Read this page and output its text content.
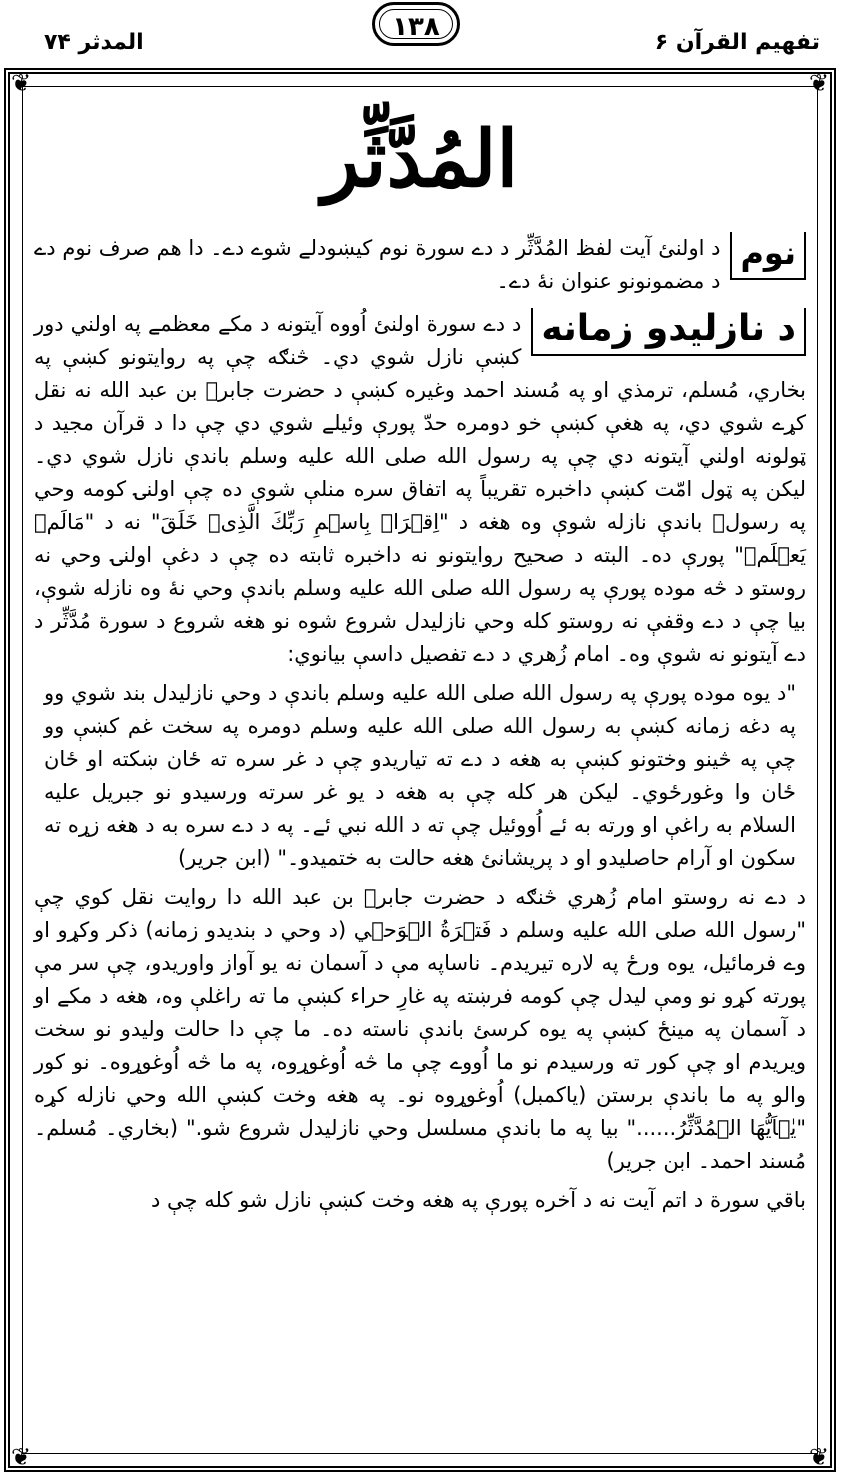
تفهيم القرآن ۶
۱۳۸
المدثر ۷۴
❦	❦
❦	❦
المُدَّثِّر
نوم

د اولنئ آيت لفظ المُدَّثِّر د دے سورة نوم کيښودلے شوے دے۔ دا هم صرف نوم دے د مضمونونو عنوان نۀ دے۔

د نازليدو زمانه

د دے سورة اولنئ اُووه آيتونه د مکے معظمے په اولني دور کښې نازل شوي دي۔ څنګه چې په روايتونو کښې په بخاري، مُسلم، ترمذي او په مُسند احمد وغيره کښې د حضرت جابرؓ بن عبد الله نه نقل کړے شوي دي، په هغې کښې خو دومره حدّ پورې وئيلے شوي دي چې دا د قرآن مجيد د ټولونه اولني آيتونه دي چې په رسول الله صلی الله عليه وسلم باندې نازل شوي دي۔ ليکن په ټول امّت کښې داخبره تقريباً په اتفاق سره منلې شوې ده چې اولنۍ کومه وحي په رسولؐ باندې نازله شوې وه هغه د "اِقۡرَاۡ بِاسۡمِ رَبِّكَ الَّذِىۡ خَلَقَ" نه د "مَالَمۡ يَعۡلَمۡ" پورې ده۔ البته د صحيح روايتونو نه داخبره ثابته ده چې د دغې اولنۍ وحي نه روستو د څه موده پورې په رسول الله صلی الله عليه وسلم باندې وحي نۀ وه نازله شوې، بيا چې د دے وقفې نه روستو کله وحي نازليدل شروع شوه نو هغه شروع د سورة مُدَّثِّر د دے آيتونو نه شوې وه۔ امام زُهري د دے تفصيل داسې بيانوي:

"د يوه موده پورې په رسول الله صلی الله عليه وسلم باندې د وحي نازليدل بند شوي وو په دغه زمانه کښې به رسول الله صلی الله عليه وسلم دومره په سخت غم کښې وو چې په څينو وختونو کښې به هغه د دے ته تياريدو چې د غر سره ته ځان ښکته او ځان ځان وا وغورځوي۔ ليکن هر کله چې به هغه د يو غر سرته ورسيدو نو جبريل عليه السلام به راغې او ورته به ئے اُووئيل چې ته د الله نبي ئے۔ په د دے سره به د هغه زړه ته سکون او آرام حاصليدو او د پريشانئ هغه حالت به ختميدو۔" (ابن جرير)

د دے نه روستو امام زُهري څنګه د حضرت جابرؓ بن عبد الله دا روايت نقل کوي چې "رسول الله صلی الله عليه وسلم د فَتۡرَةُ الۡوَحۡي (د وحي د بنديدو زمانه) ذکر وکړو او وے فرمائيل، يوه ورځ په لاره تيريدم۔ ناساپه مې د آسمان نه يو آواز واوريدو، چې سر مې پورته کړو نو ومې ليدل چې کومه فرښته په غارِ حراء کښې ما ته راغلې وه، هغه د مکے او د آسمان په مينځ کښې په يوه کرسئ باندې ناسته ده۔ ما چې دا حالت وليدو نو سخت ويريدم او چې کور ته ورسيدم نو ما اُووے چې ما څه اُوغوړوه، په ما څه اُوغوړوه۔ نو کور والو په ما باندې برستن (ياکمبل) اُوغوړوه نو۔ په هغه وخت کښې الله وحي نازله کړه "يٰۤاَيُّهَا الۡمُدَّثِّرُ......" بيا په ما باندې مسلسل وحي نازليدل شروع شو." (بخاري۔ مُسلم۔ مُسند احمد۔ ابن جرير)

باقي سورة د اتم آيت نه د آخره پورې په هغه وخت کښې نازل شو کله چې د
